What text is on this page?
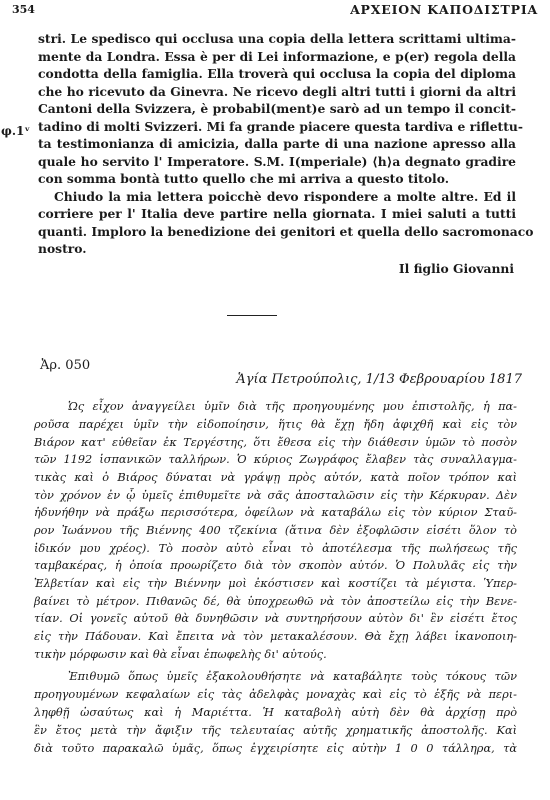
354	ΑΡΧΕΙΟΝ ΚΑΠΟΔΙΣΤΡΙΑ
φ.1ᵛ
stri. Le spedisco qui occlusa una copia della lettera scrittami ultima-
mente da Londra. Essa è per di Lei informazione, e p(er) regola della
condotta della famiglia. Ella troverà qui occlusa la copia del diploma
che ho ricevuto da Ginevra. Ne ricevo degli altri tutti i giorni da altri
Cantoni della Svizzera, è probabil(ment)e sarò ad un tempo il concit-
tadino di molti Svizzeri. Mi fa grande piacere questa tardiva e riflettu-
ta testimonianza di amicizia, dalla parte di una nazione apresso alla
quale ho servito l' Imperatore. S.M. I(mperiale) ⟨h⟩a degnato gradire
con somma bontà tutto quello che mi arriva a questo titolo.
Chiudo la mia lettera poicchè devo rispondere a molte altre. Ed il
corriere per l' Italia deve partire nella giornata. I miei saluti a tutti
quanti. Imploro la benedizione dei genitori et quella dello sacromonaco
nostro.
Il figlio Giovanni
Ἀρ. 050
Ἁγία Πετρούπολις, 1/13 Φεβρουαρίου 1817
Ὡς εἶχον ἀναγγείλει ὑμῖν διὰ τῆς προηγουμένης μου ἐπιστολῆς, ἡ πα-
ροῦσα παρέχει ὑμῖν τὴν εἰδοποίησιν, ἥτις θὰ ἔχῃ ἤδη ἀφιχθῆ καὶ εἰς τὸν
Βιάρον κατ' εὐθεῖαν ἐκ Τεργέστης, ὅτι ἔθεσα εἰς τὴν διάθεσιν ὑμῶν τὸ ποσὸν
τῶν 1192 ἱσπανικῶν ταλλήρων. Ὁ κύριος Ζωγράφος ἔλαβεν τὰς συναλλαγμα-
τικὰς καὶ ὁ Βιάρος δύναται νὰ γράψῃ πρὸς αὐτόν, κατὰ ποῖον τρόπον καὶ
τὸν χρόνον ἐν ᾧ ὑμεῖς ἐπιθυμεῖτε νὰ σᾶς ἀποσταλῶσιν εἰς τὴν Κέρκυραν. Δὲν
ἠδυνήθην νὰ πράξω περισσότερα, ὀφείλων νὰ καταβάλω εἰς τὸν κύριον Σταῦ-
ρον Ἰωάννου τῆς Βιέννης 400 τζεκίνια (ἅτινα δὲν ἐξοφλῶσιν εἰσέτι ὅλον τὸ
ἰδικόν μου χρέος). Τὸ ποσὸν αὐτὸ εἶναι τὸ ἀποτέλεσμα τῆς πωλήσεως τῆς
ταμβακέρας, ἡ ὁποία προωρίζετο διὰ τὸν σκοπὸν αὐτόν. Ὁ Πολυλᾶς εἰς τὴν
Ἑλβετίαν καὶ εἰς τὴν Βιέννην μοὶ ἐκόστισεν καὶ κοστίζει τὰ μέγιστα. Ὑπερ-
βαίνει τὸ μέτρον. Πιθανῶς δέ, θὰ ὑποχρεωθῶ νὰ τὸν ἀποστείλω εἰς τὴν Βενε-
τίαν. Οἱ γονεῖς αὐτοῦ θὰ δυνηθῶσιν νὰ συντηρήσουν αὐτὸν δι' ἓν εἰσέτι ἔτος
εἰς τὴν Πάδουαν. Καὶ ἔπειτα νὰ τὸν μετακαλέσουν. Θὰ ἔχῃ λάβει ἱκανοποιη-
τικὴν μόρφωσιν καὶ θὰ εἶναι ἐπωφελὴς δι' αὐτούς.
Ἐπιθυμῶ ὅπως ὑμεῖς ἐξακολουθήσητε νὰ καταβάλητε τοὺς τόκους τῶν
προηγουμένων κεφαλαίων εἰς τὰς ἀδελφὰς μοναχὰς καὶ εἰς τὸ ἑξῆς νὰ περι-
ληφθῇ ὡσαύτως καὶ ἡ Μαριέττα. Ἡ καταβολὴ αὐτὴ δὲν θὰ ἀρχίσῃ πρὸ
ἓν ἔτος μετὰ τὴν ἄφιξιν τῆς τελευταίας αὐτῆς χρηματικῆς ἀποστολῆς. Καὶ
διὰ τοῦτο παρακαλῶ ὑμᾶς, ὅπως ἐγχειρίσητε εἰς αὐτὴν 1 0 0 τάλληρα, τὰ
